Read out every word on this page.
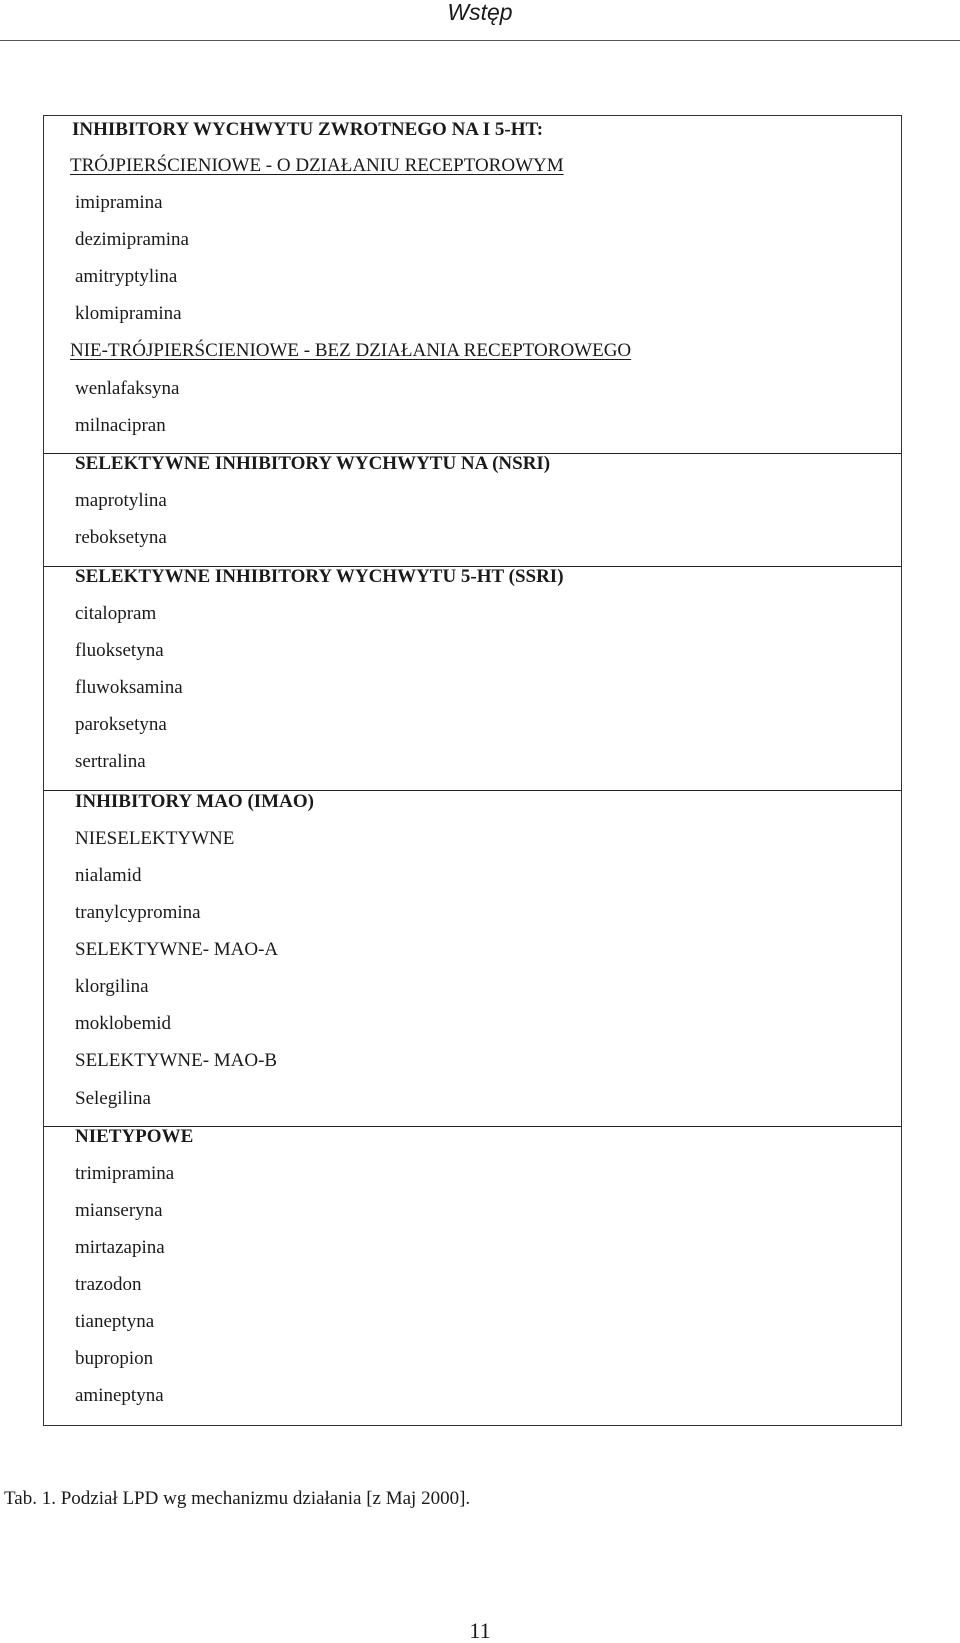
Wstęp
INHIBITORY WYCHWYTU ZWROTNEGO NA I 5-HT:
TRÓJPIERŚCIENIOWE - O DZIAŁANIU RECEPTOROWYM
imipramina
dezimipramina
amitryptylina
klomipramina
NIE-TRÓJPIERŚCIENIOWE - BEZ DZIAŁANIA RECEPTOROWEGO
wenlafaksyna
milnacipran
SELEKTYWNE INHIBITORY WYCHWYTU NA (NSRI)
maprotylina
reboksetyna
SELEKTYWNE INHIBITORY WYCHWYTU 5-HT (SSRI)
citalopram
fluoksetyna
fluwoksamina
paroksetyna
sertralina
INHIBITORY MAO (IMAO)
NIESELEKTYWNE
nialamid
tranylcypromina
SELEKTYWNE- MAO-A
klorgilina
moklobemid
SELEKTYWNE- MAO-B
Selegilina
NIETYPOWE
trimipramina
mianseryna
mirtazapina
trazodon
tianeptyna
bupropion
amineptyna
Tab. 1. Podział LPD wg mechanizmu działania [z Maj 2000].
11
